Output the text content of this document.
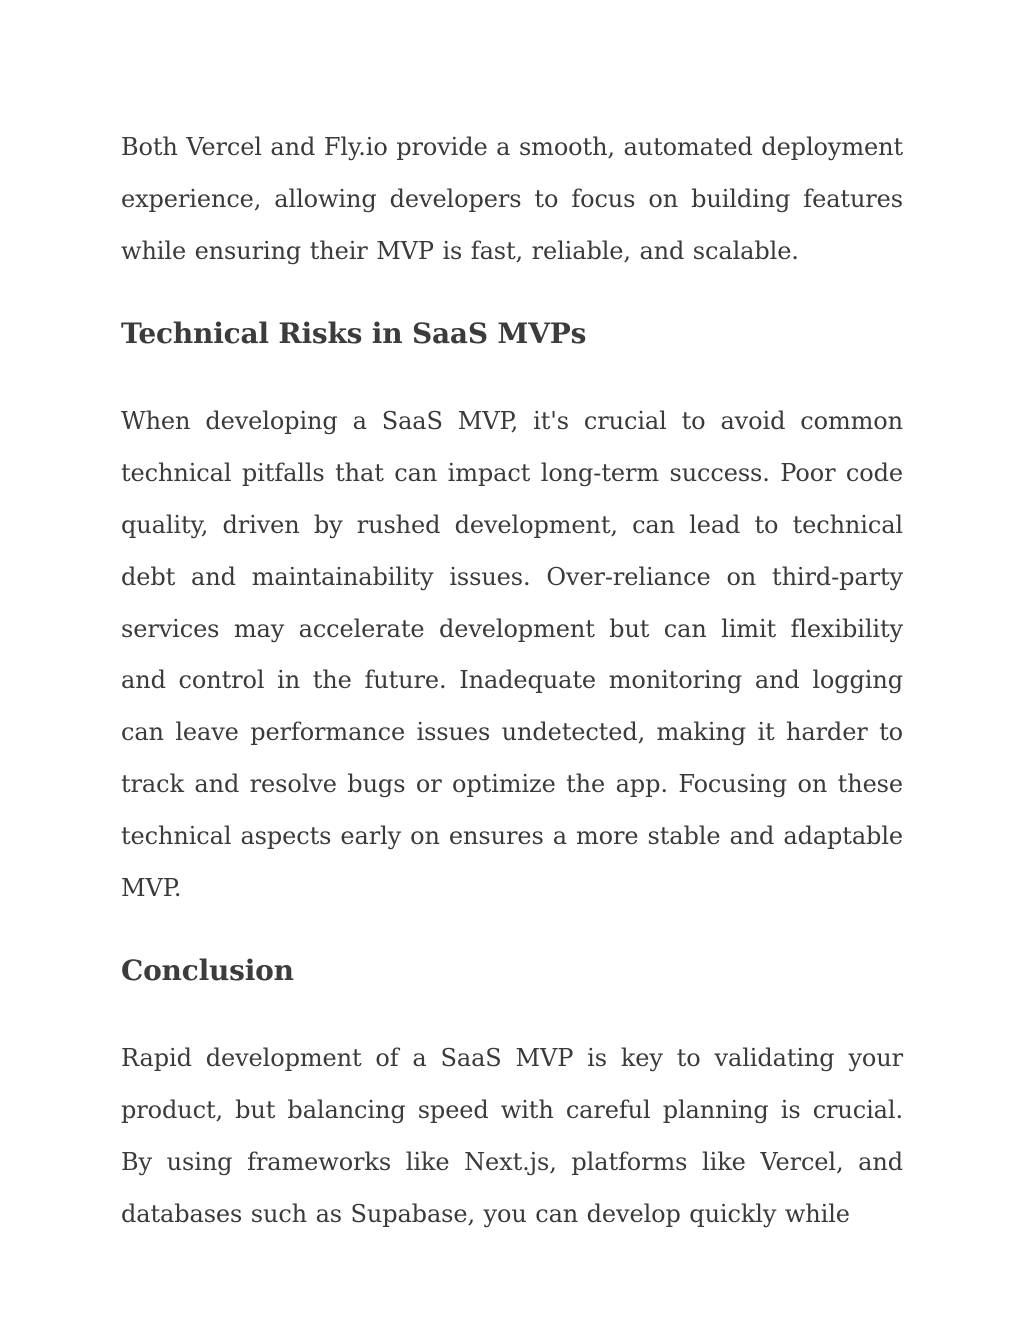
Both Vercel and Fly.io provide a smooth, automated deployment experience, allowing developers to focus on building features while ensuring their MVP is fast, reliable, and scalable.

Technical Risks in SaaS MVPs

When developing a SaaS MVP, it's crucial to avoid common technical pitfalls that can impact long-term success. Poor code quality, driven by rushed development, can lead to technical debt and maintainability issues. Over-reliance on third-party services may accelerate development but can limit flexibility and control in the future. Inadequate monitoring and logging can leave performance issues undetected, making it harder to track and resolve bugs or optimize the app. Focusing on these technical aspects early on ensures a more stable and adaptable MVP.

Conclusion

Rapid development of a SaaS MVP is key to validating your product, but balancing speed with careful planning is crucial. By using frameworks like Next.js, platforms like Vercel, and databases such as Supabase, you can develop quickly while
